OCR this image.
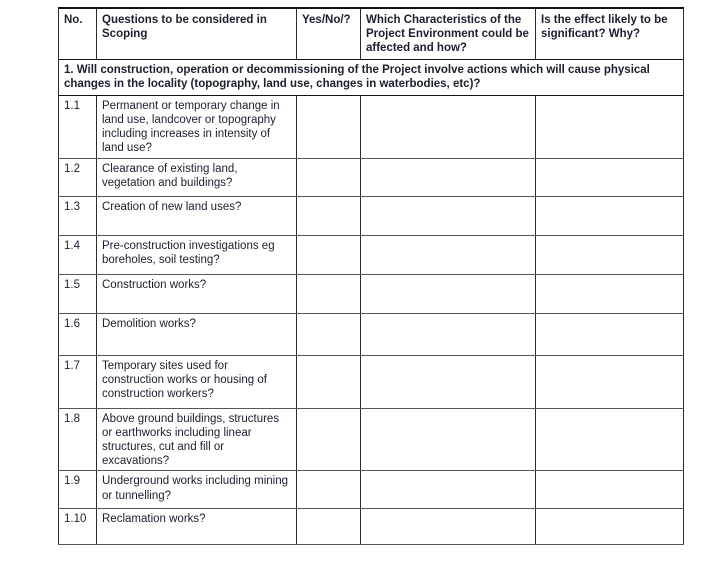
No.	Questions to be considered in Scoping	Yes/No/?	Which Characteristics of the Project Environment could be affected and how?	Is the effect likely to be significant? Why?
1. Will construction, operation or decommissioning of the Project involve actions which will cause physical changes in the locality (topography, land use, changes in waterbodies, etc)?				
1.1	Permanent or temporary change in land use, landcover or topography including increases in intensity of land use?			
1.2	Clearance of existing land, vegetation and buildings?			
1.3	Creation of new land uses?			
1.4	Pre-construction investigations eg boreholes, soil testing?			
1.5	Construction works?			
1.6	Demolition works?			
1.7	Temporary sites used for construction works or housing of construction workers?			
1.8	Above ground buildings, structures or earthworks including linear structures, cut and fill or excavations?			
1.9	Underground works including mining or tunnelling?			
1.10	Reclamation works?			
